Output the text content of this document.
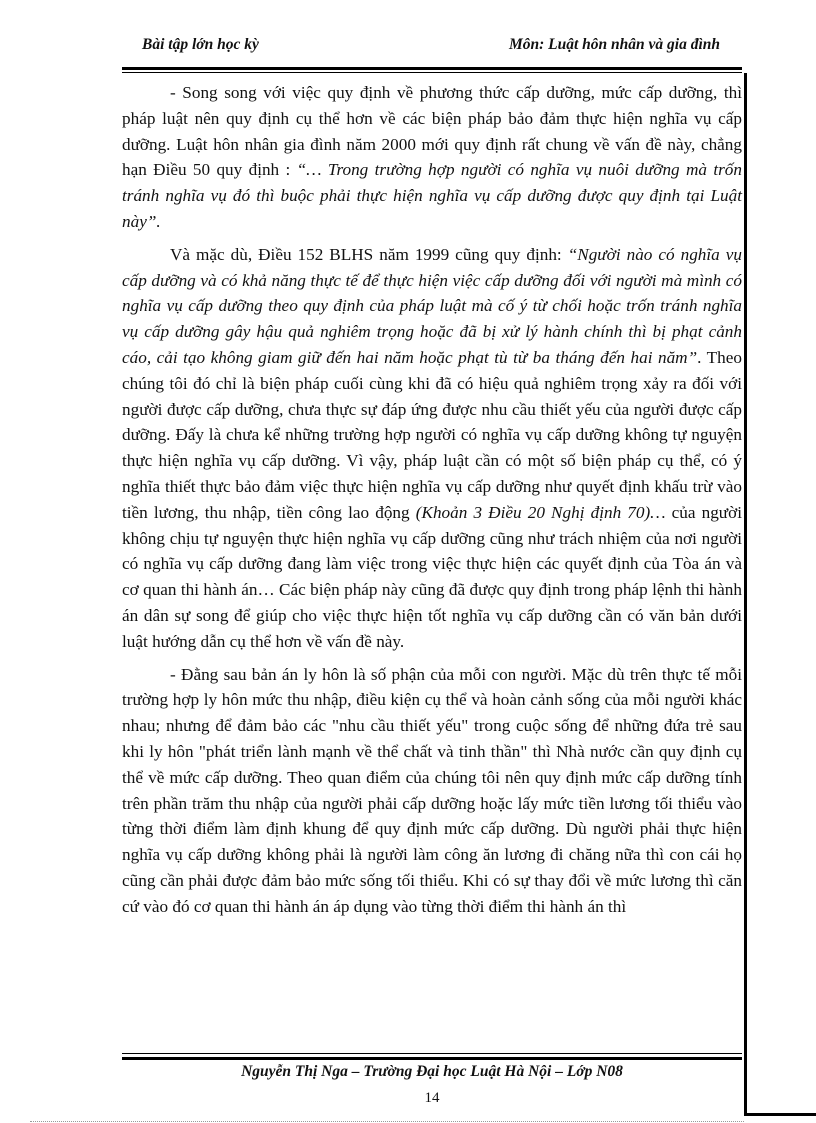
Bài tập lớn học kỳ	Môn: Luật hôn nhân và gia đình

- Song song với việc quy định về phương thức cấp dưỡng, mức cấp dưỡng, thì pháp luật nên quy định cụ thể hơn về các biện pháp bảo đảm thực hiện nghĩa vụ cấp dưỡng. Luật hôn nhân gia đình năm 2000 mới quy định rất chung về vấn đề này, chẳng hạn Điều 50 quy định : “… Trong trường hợp người có nghĩa vụ nuôi dưỡng mà trốn tránh nghĩa vụ đó thì buộc phải thực hiện nghĩa vụ cấp dưỡng được quy định tại Luật này”.

Và mặc dù, Điều 152 BLHS năm 1999 cũng quy định: “Người nào có nghĩa vụ cấp dưỡng và có khả năng thực tế để thực hiện việc cấp dưỡng đối với người mà mình có nghĩa vụ cấp dưỡng theo quy định của pháp luật mà cố ý từ chối hoặc trốn tránh nghĩa vụ cấp dưỡng gây hậu quả nghiêm trọng hoặc đã bị xử lý hành chính thì bị phạt cảnh cáo, cải tạo không giam giữ đến hai năm hoặc phạt tù từ ba tháng đến hai năm”. Theo chúng tôi đó chỉ là biện pháp cuối cùng khi đã có hiệu quả nghiêm trọng xảy ra đối với người được cấp dưỡng, chưa thực sự đáp ứng được nhu cầu thiết yếu của người được cấp dưỡng. Đấy là chưa kể những trường hợp người có nghĩa vụ cấp dưỡng không tự nguyện thực hiện nghĩa vụ cấp dưỡng. Vì vậy, pháp luật cần có một số biện pháp cụ thể, có ý nghĩa thiết thực bảo đảm việc thực hiện nghĩa vụ cấp dưỡng như quyết định khấu trừ vào tiền lương, thu nhập, tiền công lao động (Khoản 3 Điều 20 Nghị định 70)… của người không chịu tự nguyện thực hiện nghĩa vụ cấp dưỡng cũng như trách nhiệm của nơi người có nghĩa vụ cấp dưỡng đang làm việc trong việc thực hiện các quyết định của Tòa án và cơ quan thi hành án… Các biện pháp này cũng đã được quy định trong pháp lệnh thi hành án dân sự song để giúp cho việc thực hiện tốt nghĩa vụ cấp dưỡng cần có văn bản dưới luật hướng dẫn cụ thể hơn về vấn đề này.

- Đằng sau bản án ly hôn là số phận của mỗi con người. Mặc dù trên thực tế mỗi trường hợp ly hôn mức thu nhập, điều kiện cụ thể và hoàn cảnh sống của mỗi người khác nhau; nhưng để đảm bảo các "nhu cầu thiết yếu" trong cuộc sống để những đứa trẻ sau khi ly hôn "phát triển lành mạnh về thể chất và tinh thần" thì Nhà nước cần quy định cụ thể về mức cấp dưỡng. Theo quan điểm của chúng tôi nên quy định mức cấp dưỡng tính trên phần trăm thu nhập của người phải cấp dưỡng hoặc lấy mức tiền lương tối thiểu vào từng thời điểm làm định khung để quy định mức cấp dưỡng. Dù người phải thực hiện nghĩa vụ cấp dưỡng không phải là người làm công ăn lương đi chăng nữa thì con cái họ cũng cần phải được đảm bảo mức sống tối thiểu. Khi có sự thay đổi về mức lương thì căn cứ vào đó cơ quan thi hành án áp dụng vào từng thời điểm thi hành án thì

Nguyễn Thị Nga – Trường Đại học Luật Hà Nội – Lớp N08
14
